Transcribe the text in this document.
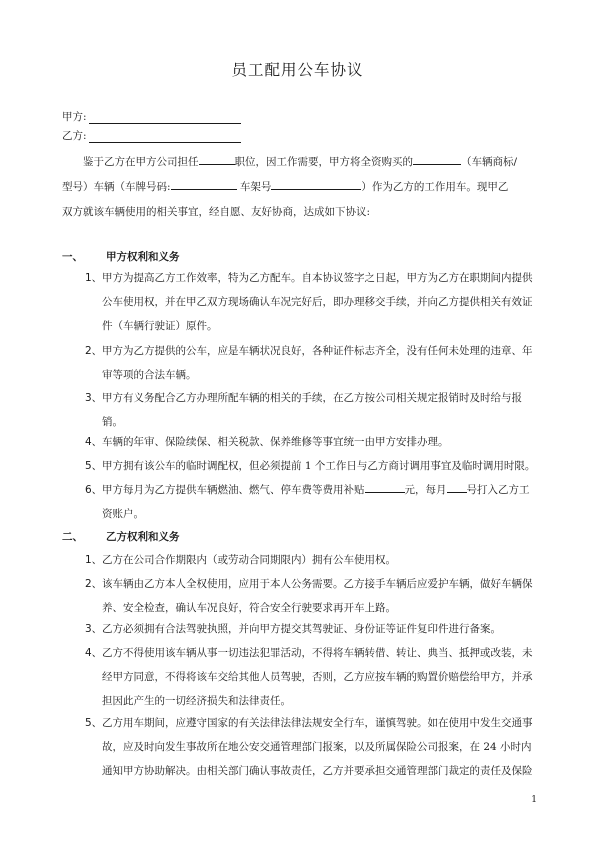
员工配用公车协议
甲方:
乙方:

鉴于乙方在甲方公司担任	职位，因工作需要，甲方将全资购买的	（车辆商标/

型号）车辆（车牌号码:	车架号	）作为乙方的工作用车。现甲乙

双方就该车辆使用的相关事宜，经自愿、友好协商，达成如下协议:

一、 甲方权利和义务
1、 甲方为提高乙方工作效率，特为乙方配车。自本协议签字之日起，甲方为乙方在职期间内提供
公车使用权，并在甲乙双方现场确认车况完好后，即办理移交手续，并向乙方提供相关有效证
件（车辆行驶证）原件。
2、 甲方为乙方提供的公车，应是车辆状况良好，各种证件标志齐全，没有任何未处理的违章、年
审等项的合法车辆。
3、 甲方有义务配合乙方办理所配车辆的相关的手续，在乙方按公司相关规定报销时及时给与报
销。
4、 车辆的年审、保险续保、相关税款、保养维修等事宜统一由甲方安排办理。
5、 甲方拥有该公车的临时调配权，但必须提前 1 个工作日与乙方商讨调用事宜及临时调用时限。
6、 甲方每月为乙方提供车辆燃油、燃气、停车费等费用补贴	元，每月 号打入乙方工
资账户。
二、 乙方权利和义务
1、 乙方在公司合作期限内（或劳动合同期限内）拥有公车使用权。
2、 该车辆由乙方本人全权使用，应用于本人公务需要。乙方接手车辆后应爱护车辆，做好车辆保
养、安全检查，确认车况良好，符合安全行驶要求再开车上路。
3、 乙方必须拥有合法驾驶执照，并向甲方提交其驾驶证、身份证等证件复印件进行备案。
4、 乙方不得使用该车辆从事一切违法犯罪活动，不得将车辆转借、转让、典当、抵押或改装，未
经甲方同意，不得将该车交给其他人员驾驶，否则，乙方应按车辆的购置价赔偿给甲方，并承
担因此产生的一切经济损失和法律责任。
5、 乙方用车期间，应遵守国家的有关法律法律法规安全行车，谨慎驾驶。如在使用中发生交通事
故，应及时向发生事故所在地公安交通管理部门报案，以及所属保险公司报案，在 24 小时内
通知甲方协助解决。由相关部门确认事故责任，乙方并要承担交通管理部门裁定的责任及保险
1
